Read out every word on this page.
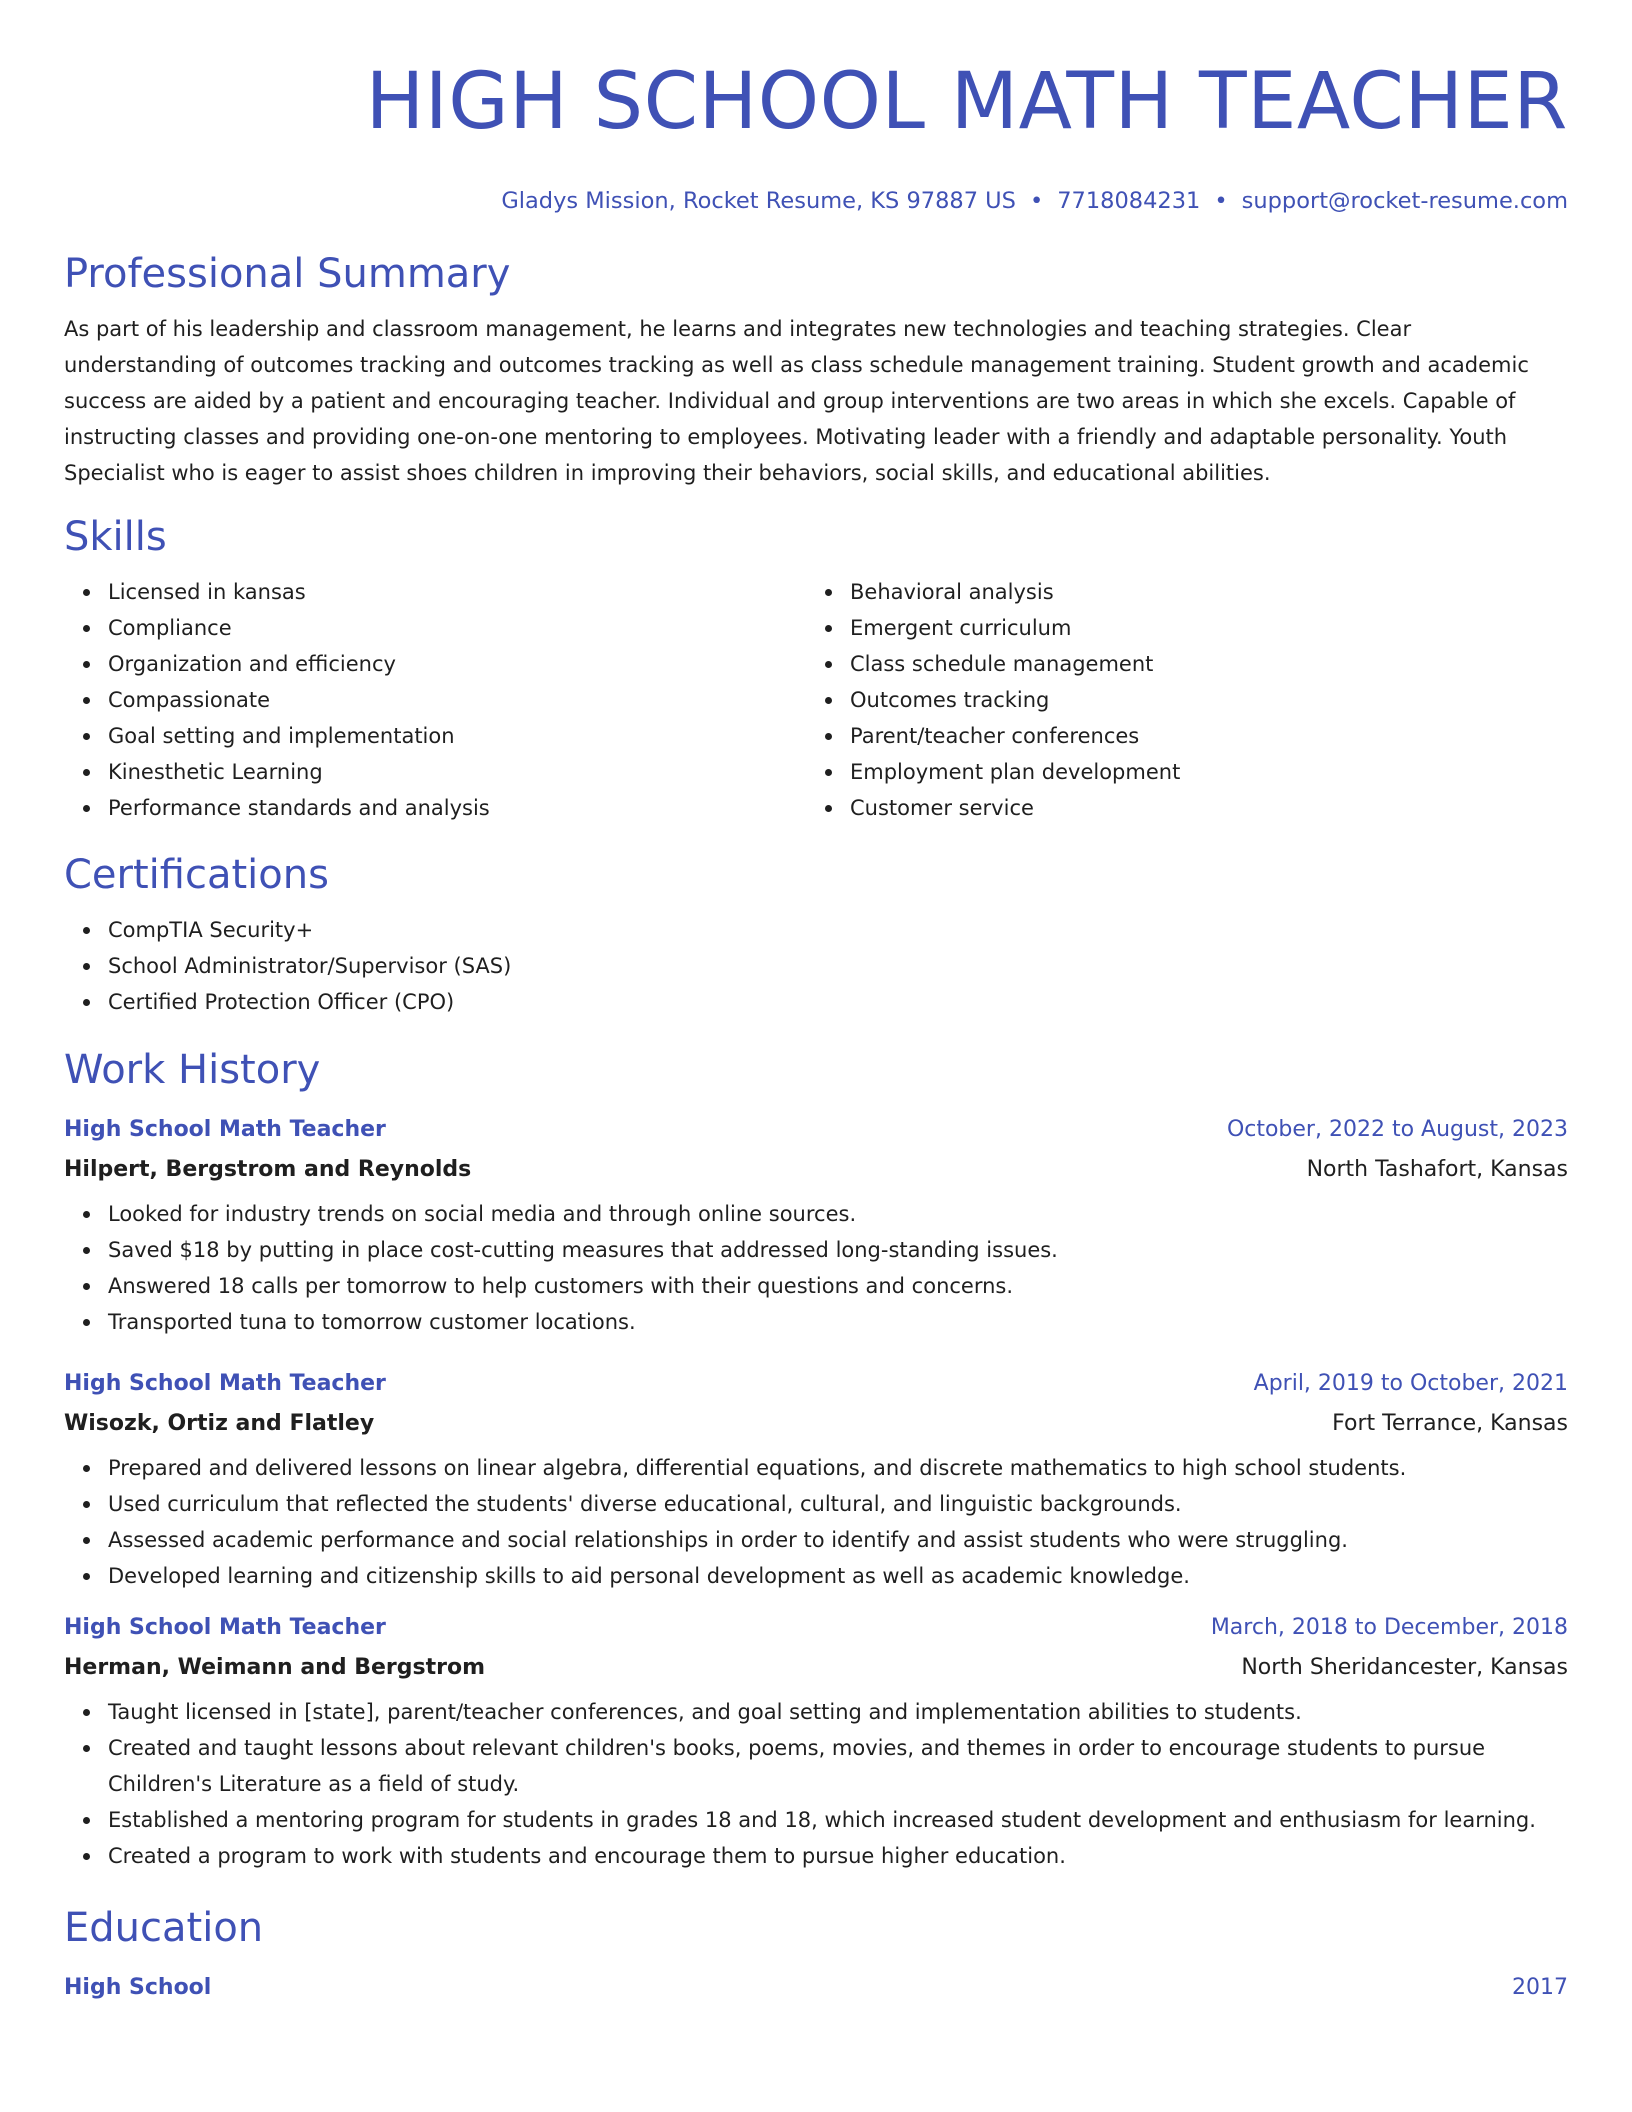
HIGH SCHOOL MATH TEACHER
Gladys Mission, Rocket Resume, KS 97887 US • 7718084231 • support@rocket-resume.com
Professional Summary

As part of his leadership and classroom management, he learns and integrates new technologies and teaching strategies. Clear understanding of outcomes tracking and outcomes tracking as well as class schedule management training. Student growth and academic success are aided by a patient and encouraging teacher. Individual and group interventions are two areas in which she excels. Capable of instructing classes and providing one-on-one mentoring to employees. Motivating leader with a friendly and adaptable personality. Youth Specialist who is eager to assist shoes children in improving their behaviors, social skills, and educational abilities.

Skills
Licensed in kansas
Compliance
Organization and efficiency
Compassionate
Goal setting and implementation
Kinesthetic Learning
Performance standards and analysis
Behavioral analysis
Emergent curriculum
Class schedule management
Outcomes tracking
Parent/teacher conferences
Employment plan development
Customer service
Certifications
CompTIA Security+
School Administrator/Supervisor (SAS)
Certified Protection Officer (CPO)
Work History
High School Math Teacher	October, 2022 to August, 2023
Hilpert, Bergstrom and Reynolds	North Tashafort, Kansas
Looked for industry trends on social media and through online sources.
Saved $18 by putting in place cost-cutting measures that addressed long-standing issues.
Answered 18 calls per tomorrow to help customers with their questions and concerns.
Transported tuna to tomorrow customer locations.
High School Math Teacher	April, 2019 to October, 2021
Wisozk, Ortiz and Flatley	Fort Terrance, Kansas
Prepared and delivered lessons on linear algebra, differential equations, and discrete mathematics to high school students.
Used curriculum that reflected the students' diverse educational, cultural, and linguistic backgrounds.
Assessed academic performance and social relationships in order to identify and assist students who were struggling.
Developed learning and citizenship skills to aid personal development as well as academic knowledge.
High School Math Teacher	March, 2018 to December, 2018
Herman, Weimann and Bergstrom	North Sheridancester, Kansas
Taught licensed in [state], parent/teacher conferences, and goal setting and implementation abilities to students.
Created and taught lessons about relevant children's books, poems, movies, and themes in order to encourage students to pursue Children's Literature as a field of study.
Established a mentoring program for students in grades 18 and 18, which increased student development and enthusiasm for learning.
Created a program to work with students and encourage them to pursue higher education.
Education
High School	2017
